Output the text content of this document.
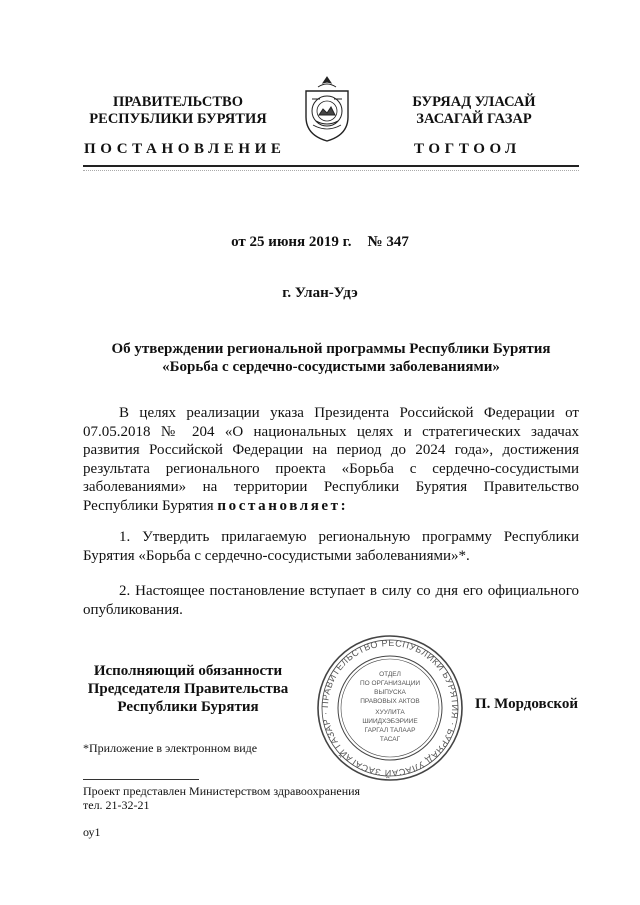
ПРАВИТЕЛЬСТВО
РЕСПУБЛИКИ БУРЯТИЯ
БУРЯАД УЛАСАЙ
ЗАСАГАЙ ГАЗАР
ПОСТАНОВЛЕНИЕ	ТОГТООЛ
от 25 июня 2019 г. № 347
г. Улан-Удэ
Об утверждении региональной программы Республики Бурятия
«Борьба с сердечно-сосудистыми заболеваниями»
В целях реализации указа Президента Российской Федерации от 07.05.2018 № 204 «О национальных целях и стратегических задачах развития Российской Федерации на период до 2024 года», достижения результата регионального проекта «Борьба с сердечно-сосудистыми заболеваниями» на территории Республики Бурятия Правительство Республики Бурятия постановляет:
1. Утвердить прилагаемую региональную программу Республики Бурятия «Борьба с сердечно-сосудистыми заболеваниями»*.
2. Настоящее постановление вступает в силу со дня его официального опубликования.
Исполняющий обязанности
Председателя Правительства
Республики Бурятия	ПРАВИТЕЛЬСТВО РЕСПУБЛИКИ БУРЯТИЯ · БУРЯАД УЛАСАЙ ЗАСАГАЙ ГАЗАР ·
ОТДЕЛ
ПО ОРГАНИЗАЦИИ
ВЫПУСКА
ПРАВОВЫХ АКТОВ
ХУУЛИТА
ШИИДХЭБЭРИИЕ
ГАРГАЛ ТАЛААР
ТАСАГ
П. Мордовской
*Приложение в электронном виде
Проект представлен Министерством здравоохранения
тел. 21-32-21
оу1
